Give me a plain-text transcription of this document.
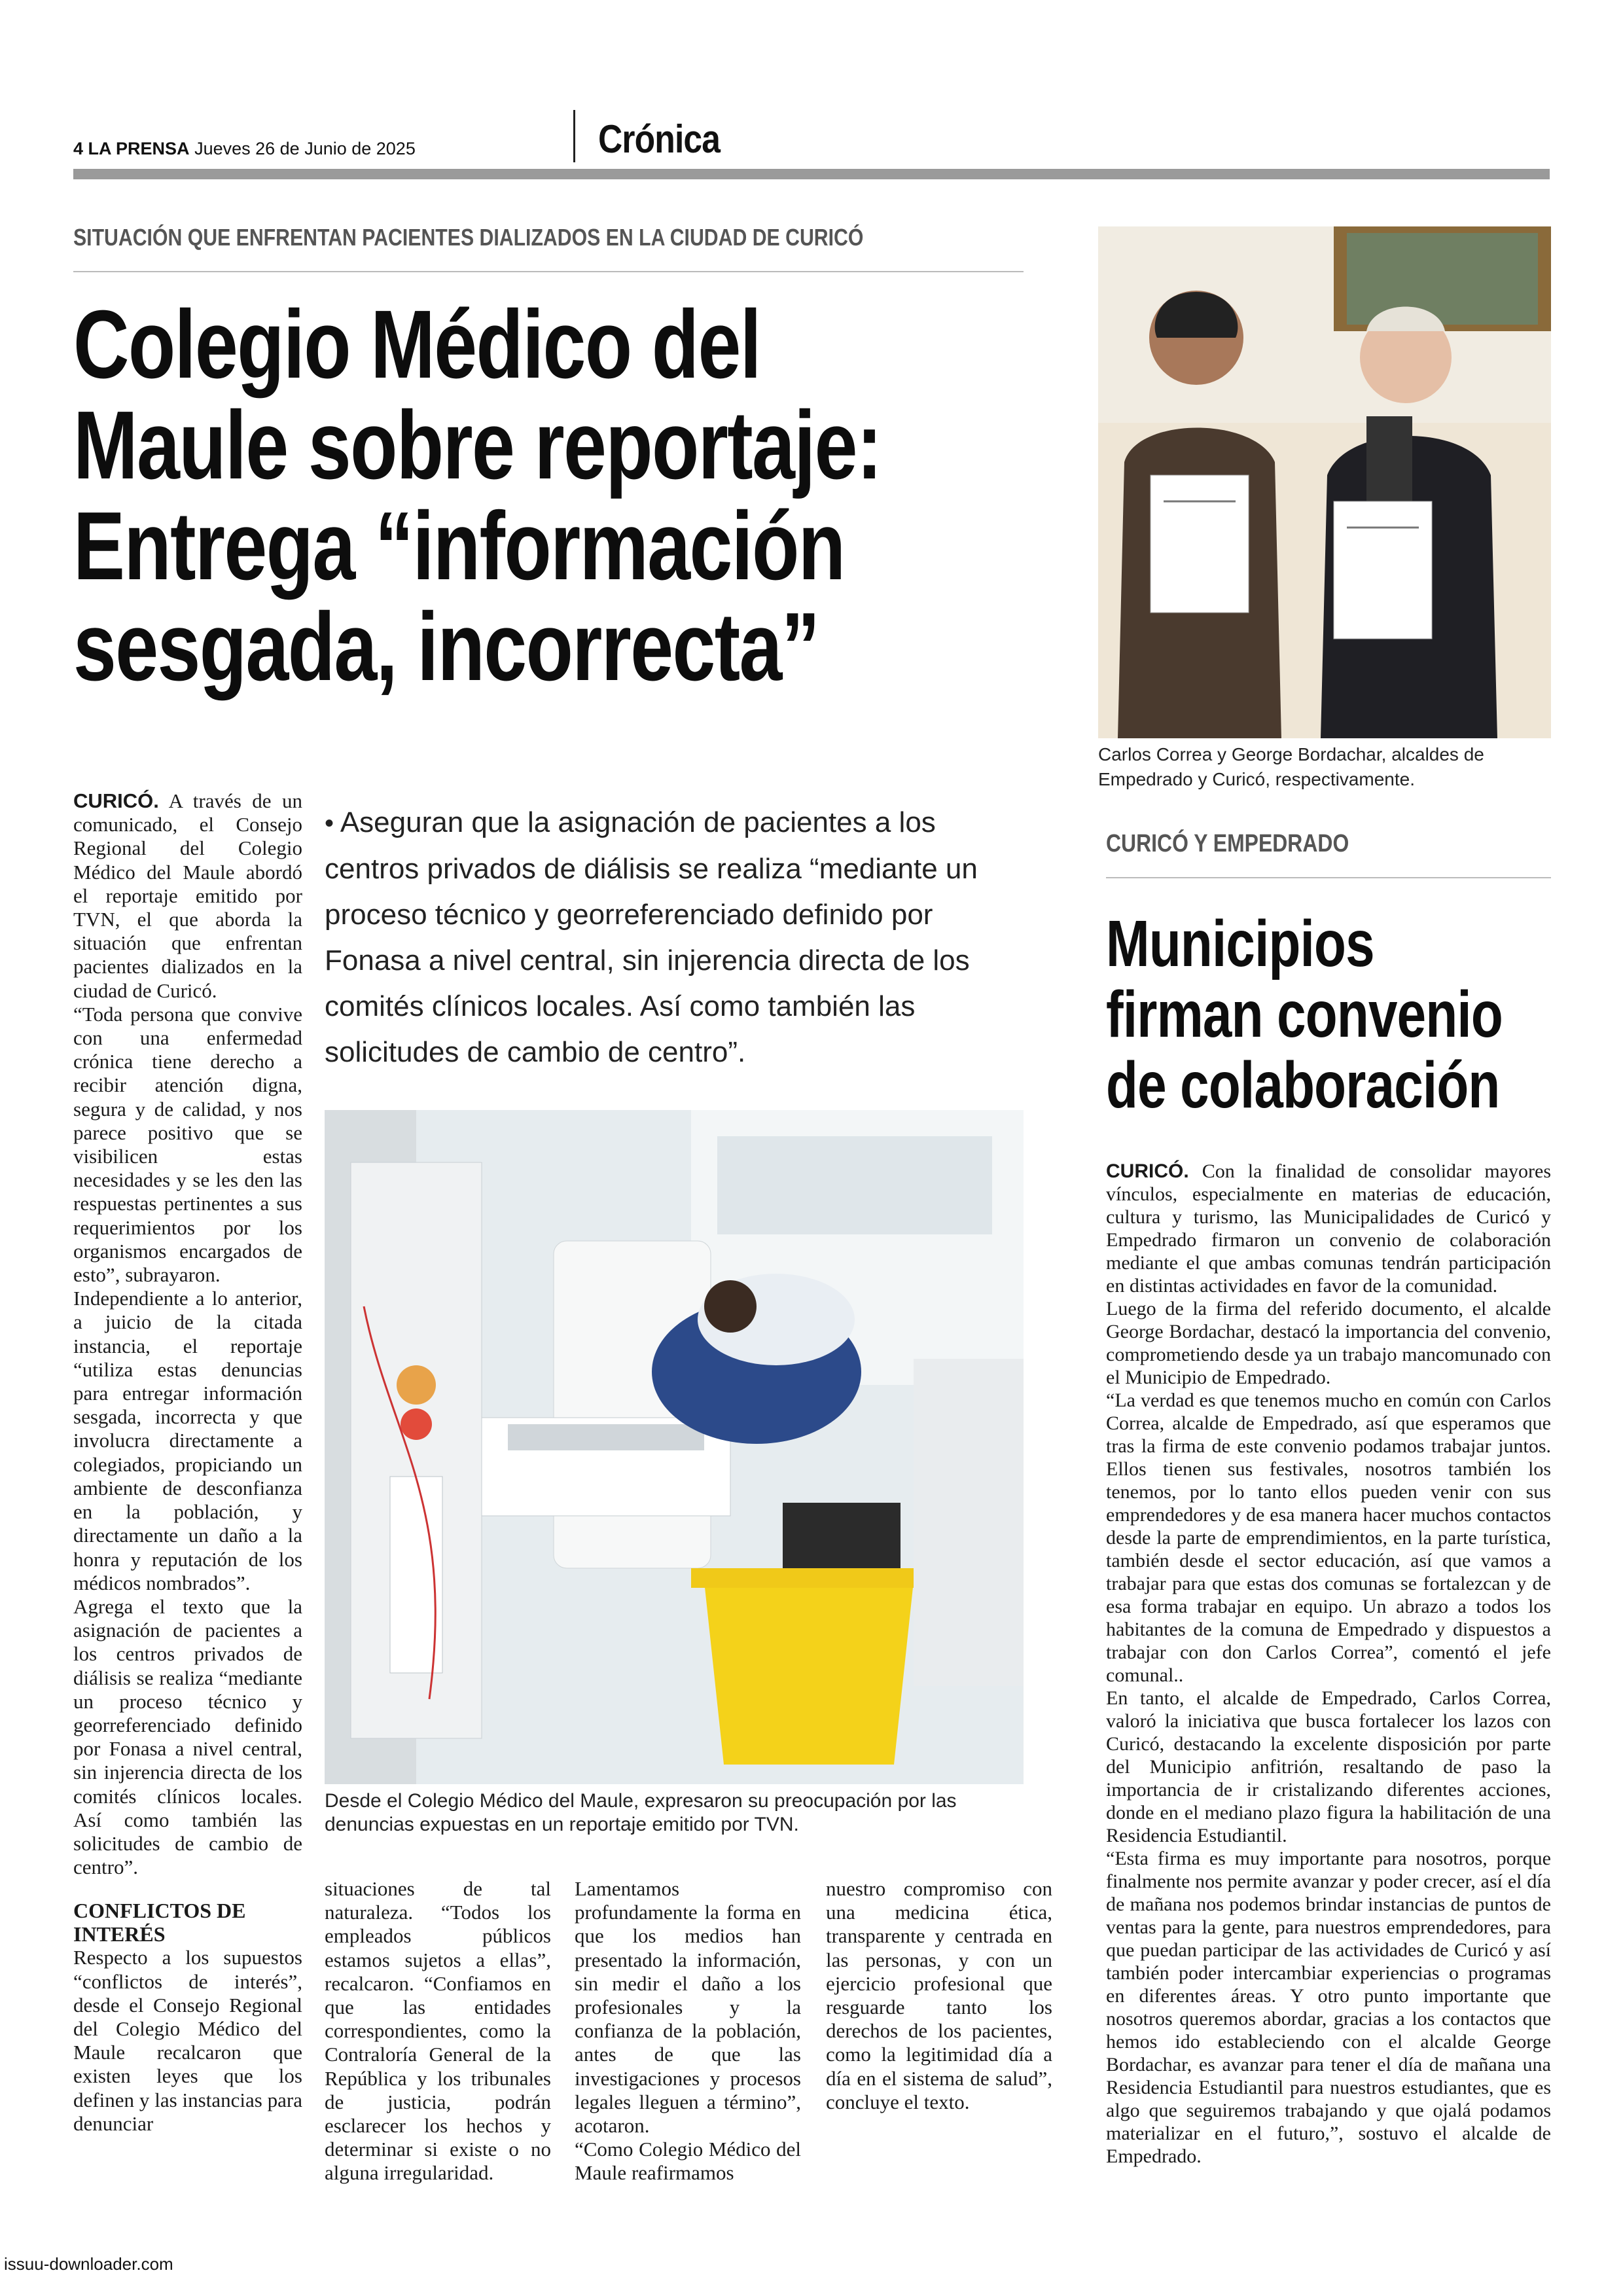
4 LA PRENSA Jueves 26 de Junio de 2025	Crónica
SITUACIÓN QUE ENFRENTAN PACIENTES DIALIZADOS EN LA CIUDAD DE CURICÓ
Colegio Médico del Maule sobre reportaje: Entrega “información sesgada, incorrecta”

CURICÓ. A través de un comunicado, el Consejo Regional del Colegio Médico del Maule abordó el reportaje emitido por TVN, el que aborda la situación que enfrentan pacientes dializados en la ciudad de Curicó.

“Toda persona que convive con una enfermedad crónica tiene derecho a recibir atención digna, segura y de calidad, y nos parece positivo que se visibilicen estas necesidades y se les den las respuestas pertinentes a sus requerimientos por los organismos encargados de esto”, subrayaron.

Independiente a lo anterior, a juicio de la citada instancia, el reportaje “utiliza estas denuncias para entregar información sesgada, incorrecta y que involucra directamente a colegiados, propiciando un ambiente de desconfianza en la población, y directamente un daño a la honra y reputación de los médicos nombrados”.

Agrega el texto que la asignación de pacientes a los centros privados de diálisis se realiza “mediante un proceso técnico y georreferenciado definido por Fonasa a nivel central, sin injerencia directa de los comités clínicos locales. Así como también las solicitudes de cambio de centro”.

CONFLICTOS DE INTERÉS

Respecto a los supuestos “conflictos de interés”, desde el Consejo Regional del Colegio Médico del Maule recalcaron que existen leyes que los definen y las instancias para denunciar

• Aseguran que la asignación de pacientes a los centros privados de diálisis se realiza “mediante un proceso técnico y georreferenciado definido por Fonasa a nivel central, sin injerencia directa de los comités clínicos locales. Así como también las solicitudes de cambio de centro”.
Desde el Colegio Médico del Maule, expresaron su preocupación por las denuncias expuestas en un reportaje emitido por TVN.

situaciones de tal naturaleza. “Todos los empleados públicos estamos sujetos a ellas”, recalcaron. “Confiamos en que las entidades correspondientes, como la Contraloría General de la República y los tribunales de justicia, podrán esclarecer los hechos y determinar si existe o no alguna irregularidad.

Lamentamos profundamente la forma en que los medios han presentado la información, sin medir el daño a los profesionales y la confianza de la población, antes de que las investigaciones y procesos legales lleguen a término”, acotaron.

“Como Colegio Médico del Maule reafirmamos

nuestro compromiso con una medicina ética, transparente y centrada en las personas, y con un ejercicio profesional que resguarde tanto los derechos de los pacientes, como la legitimidad día a día en el sistema de salud”, concluye el texto.

Carlos Correa y George Bordachar, alcaldes de Empedrado y Curicó, respectivamente.
CURICÓ Y EMPEDRADO
Municipios firman convenio de colaboración

CURICÓ. Con la finalidad de consolidar mayores vínculos, especialmente en materias de educación, cultura y turismo, las Municipalidades de Curicó y Empedrado firmaron un convenio de colaboración mediante el que ambas comunas tendrán participación en distintas actividades en favor de la comunidad.

Luego de la firma del referido documento, el alcalde George Bordachar, destacó la importancia del convenio, comprometiendo desde ya un trabajo mancomunado con el Municipio de Empedrado.

“La verdad es que tenemos mucho en común con Carlos Correa, alcalde de Empedrado, así que esperamos que tras la firma de este convenio podamos trabajar juntos. Ellos tienen sus festivales, nosotros también los tenemos, por lo tanto ellos pueden venir con sus emprendedores y de esa manera hacer muchos contactos desde la parte de emprendimientos, en la parte turística, también desde el sector educación, así que vamos a trabajar para que estas dos comunas se fortalezcan y de esa forma trabajar en equipo. Un abrazo a todos los habitantes de la comuna de Empedrado y dispuestos a trabajar con don Carlos Correa”, comentó el jefe comunal..

En tanto, el alcalde de Empedrado, Carlos Correa, valoró la iniciativa que busca fortalecer los lazos con Curicó, destacando la excelente disposición por parte del Municipio anfitrión, resaltando de paso la importancia de ir cristalizando diferentes acciones, donde en el mediano plazo figura la habilitación de una Residencia Estudiantil.

“Esta firma es muy importante para nosotros, porque finalmente nos permite avanzar y poder crecer, así el día de mañana nos podemos brindar instancias de puntos de ventas para la gente, para nuestros emprendedores, para que puedan participar de las actividades de Curicó y así también poder intercambiar experiencias o programas en diferentes áreas. Y otro punto importante que nosotros queremos abordar, gracias a los contactos que hemos ido estableciendo con el alcalde George Bordachar, es avanzar para tener el día de mañana una Residencia Estudiantil para nuestros estudiantes, que es algo que seguiremos trabajando y que ojalá podamos materializar en el futuro,”, sostuvo el alcalde de Empedrado.

issuu-downloader.com
